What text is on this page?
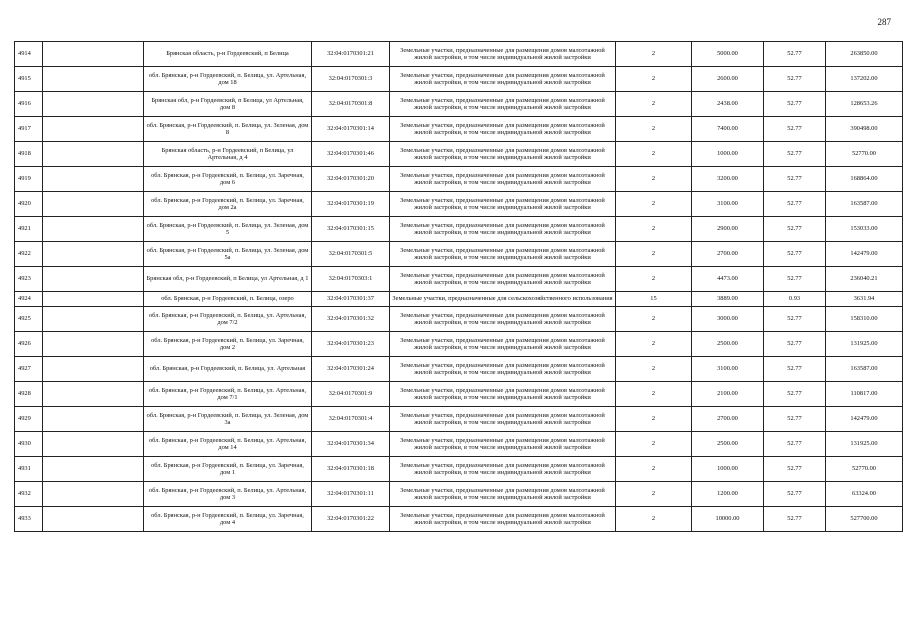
287
4914		Брянская область, р-н Гордеевский, п Белица	32:04:0170301:21	Земельные участки, предназначенные для размещения домов малоэтажной жилой застройки, в том числе индивидуальной жилой застройки	2	5000.00	52.77	263850.00
4915		обл. Брянская, р-н Гордеевский, п. Белица, ул. Артельная, дом 18	32:04:0170301:3	Земельные участки, предназначенные для размещения домов малоэтажной жилой застройки, в том числе индивидуальной жилой застройки	2	2600.00	52.77	137202.00
4916		Брянская обл, р-н Гордеевский, п Белица, ул Артельная, дом 8	32:04:0170301:8	Земельные участки, предназначенные для размещения домов малоэтажной жилой застройки, в том числе индивидуальной жилой застройки	2	2438.00	52.77	128653.26
4917		обл. Брянская, р-н Гордеевский, п. Белица, ул. Зеленая, дом 8	32:04:0170301:14	Земельные участки, предназначенные для размещения домов малоэтажной жилой застройки, в том числе индивидуальной жилой застройки	2	7400.00	52.77	390498.00
4918		Брянская область, р-н Гордеевский, п Белица, ул Артельная, д 4	32:04:0170301:46	Земельные участки, предназначенные для размещения домов малоэтажной жилой застройки, в том числе индивидуальной жилой застройки	2	1000.00	52.77	52770.00
4919		обл. Брянская, р-н Гордеевский, п. Белица, ул. Заречная, дом 6	32:04:0170301:20	Земельные участки, предназначенные для размещения домов малоэтажной жилой застройки, в том числе индивидуальной жилой застройки	2	3200.00	52.77	168864.00
4920		обл. Брянская, р-н Гордеевский, п. Белица, ул. Заречная, дом 2а	32:04:0170301:19	Земельные участки, предназначенные для размещения домов малоэтажной жилой застройки, в том числе индивидуальной жилой застройки	2	3100.00	52.77	163587.00
4921		обл. Брянская, р-н Гордеевский, п. Белица, ул. Зеленая, дом 5	32:04:0170301:15	Земельные участки, предназначенные для размещения домов малоэтажной жилой застройки, в том числе индивидуальной жилой застройки	2	2900.00	52.77	153033.00
4922		обл. Брянская, р-н Гордеевский, п. Белица, ул. Зеленая, дом 5а	32:04:0170301:5	Земельные участки, предназначенные для размещения домов малоэтажной жилой застройки, в том числе индивидуальной жилой застройки	2	2700.00	52.77	142479.00
4923		Брянская обл, р-н Гордеевский, п Белица, ул Артельная, д 1	32:04:0170303:1	Земельные участки, предназначенные для размещения домов малоэтажной жилой застройки, в том числе индивидуальной жилой застройки	2	4473.00	52.77	236040.21
4924		обл. Брянская, р-н Гордеевский, п. Белица, озеро	32:04:0170301:37	Земельные участки, предназначенные для сельскохозяйственного использования	15	3889.00	0.93	3631.94
4925		обл. Брянская, р-н Гордеевский, п. Белица, ул. Артельная, дом 7/2	32:04:0170301:32	Земельные участки, предназначенные для размещения домов малоэтажной жилой застройки, в том числе индивидуальной жилой застройки	2	3000.00	52.77	158310.00
4926		обл. Брянская, р-н Гордеевский, п. Белица, ул. Заречная, дом 2	32:04:0170301:23	Земельные участки, предназначенные для размещения домов малоэтажной жилой застройки, в том числе индивидуальной жилой застройки	2	2500.00	52.77	131925.00
4927		обл. Брянская, р-н Гордеевский, п. Белица, ул. Артельная	32:04:0170301:24	Земельные участки, предназначенные для размещения домов малоэтажной жилой застройки, в том числе индивидуальной жилой застройки	2	3100.00	52.77	163587.00
4928		обл. Брянская, р-н Гордеевский, п. Белица, ул. Артельная, дом 7/1	32:04:0170301:9	Земельные участки, предназначенные для размещения домов малоэтажной жилой застройки, в том числе индивидуальной жилой застройки	2	2100.00	52.77	110817.00
4929		обл. Брянская, р-н Гордеевский, п. Белица, ул. Зеленая, дом 3а	32:04:0170301:4	Земельные участки, предназначенные для размещения домов малоэтажной жилой застройки, в том числе индивидуальной жилой застройки	2	2700.00	52.77	142479.00
4930		обл. Брянская, р-н Гордеевский, п. Белица, ул. Артельная, дом 14	32:04:0170301:34	Земельные участки, предназначенные для размещения домов малоэтажной жилой застройки, в том числе индивидуальной жилой застройки	2	2500.00	52.77	131925.00
4931		обл. Брянская, р-н Гордеевский, п. Белица, ул. Заречная, дом 1	32:04:0170301:18	Земельные участки, предназначенные для размещения домов малоэтажной жилой застройки, в том числе индивидуальной жилой застройки	2	1000.00	52.77	52770.00
4932		обл. Брянская, р-н Гордеевский, п. Белица, ул. Артельная, дом 3	32:04:0170301:11	Земельные участки, предназначенные для размещения домов малоэтажной жилой застройки, в том числе индивидуальной жилой застройки	2	1200.00	52.77	63324.00
4933		обл. Брянская, р-н Гордеевский, п. Белица, ул. Заречная, дом 4	32:04:0170301:22	Земельные участки, предназначенные для размещения домов малоэтажной жилой застройки, в том числе индивидуальной жилой застройки	2	10000.00	52.77	527700.00
